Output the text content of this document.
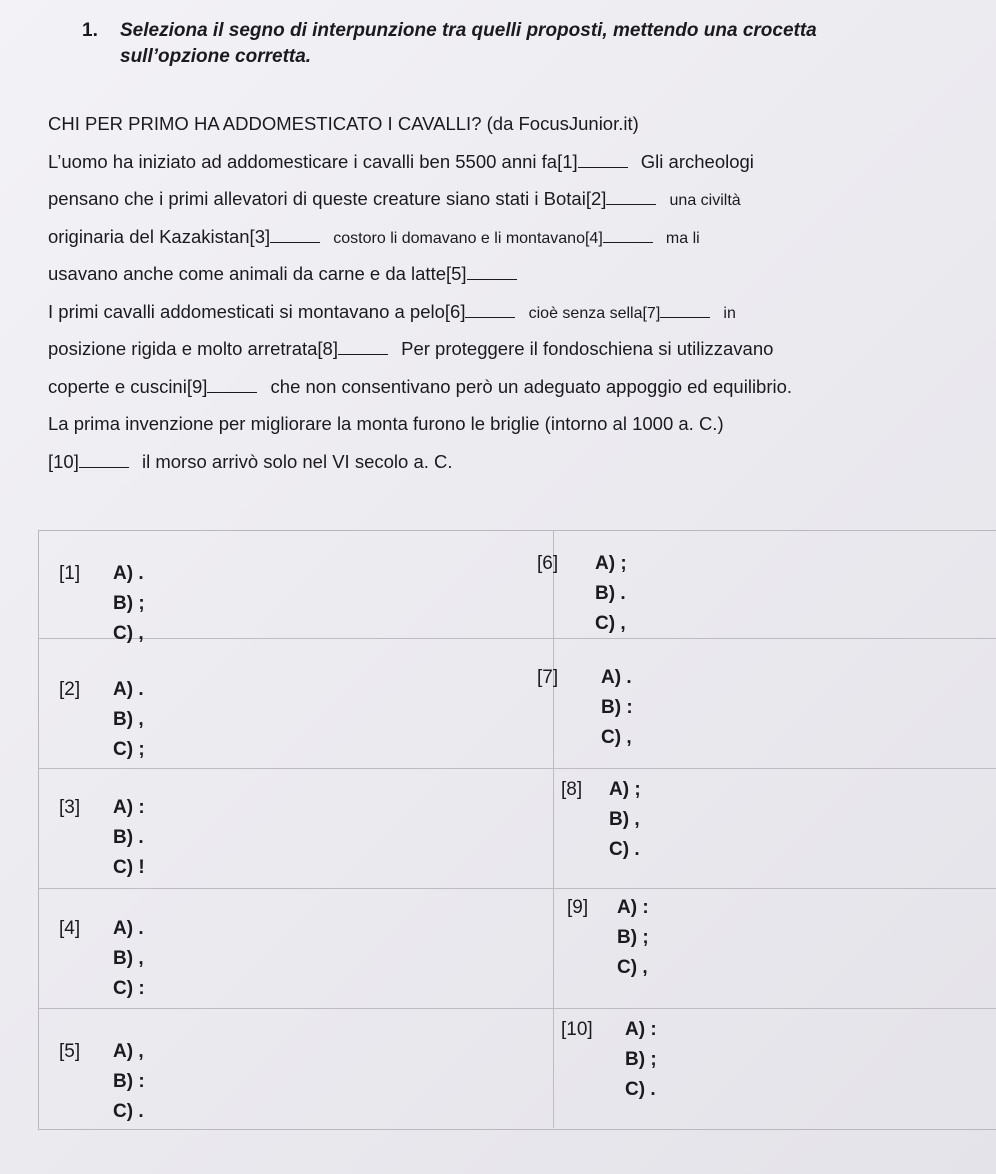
1.	Seleziona il segno di interpunzione tra quelli proposti, mettendo una crocetta
sull’opzione corretta.
CHI PER PRIMO HA ADDOMESTICATO I CAVALLI? (da FocusJunior.it)
L’uomo ha iniziato ad addomesticare i cavalli ben 5500 anni fa[1]	Gli archeologi
pensano che i primi allevatori di queste creature siano stati i Botai[2]	una civiltà
originaria del Kazakistan[3]	costoro li domavano e li montavano[4]	ma li
usavano anche come animali da carne e da latte[5]
I primi cavalli addomesticati si montavano a pelo[6]	cioè senza sella[7]	in
posizione rigida e molto arretrata[8]	Per proteggere il fondoschiena si utilizzavano
coperte e cuscini[9]	che non consentivano però un adeguato appoggio ed equilibrio.
La prima invenzione per migliorare la monta furono le briglie (intorno al 1000 a. C.)
[10]	il morso arrivò solo nel VI secolo a. C.
[1] A) .
B) ;
C) ,
[2] A) .
B) ,
C) ;
[3] A) :
B) .
C) !
[4] A) .
B) ,
C) :
[5] A) ,
B) :
C) .
[6] A) ;
B) .
C) ,
[7] A) .
B) :
C) ,
[8] A) ;
B) ,
C) .
[9] A) :
B) ;
C) ,
[10] A) :
B) ;
C) .
